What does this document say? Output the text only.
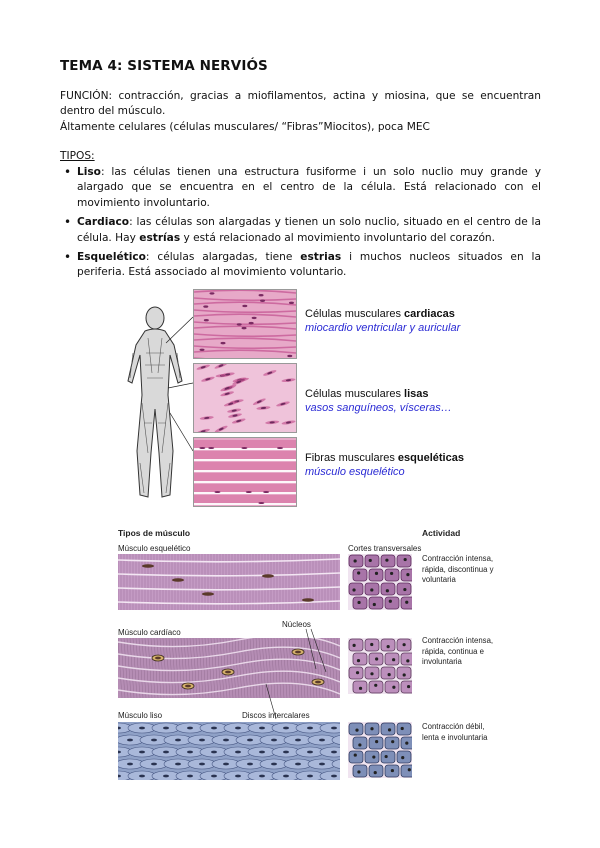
TEMA 4: SISTEMA NERVIÓS
FUNCIÓN: contracción, gracias a miofilamentos, actina y miosina, que se encuentran dentro del músculo.
Áltamente celulares (células musculares/ “Fibras”Miocitos), poca MEC
TIPOS:
• Liso: las células tienen una estructura fusiforme i un solo nuclio muy grande y alargado que se encuentra en el centro de la célula. Está relacionado con el movimiento involuntario.
• Cardiaco: las células son alargadas y tienen un solo nuclio, situado en el centro de la célula. Hay estrías y está relacionado al movimiento involuntario del corazón.
• Esquelético: células alargadas, tiene estrias i muchos nucleos situados en la periferia. Está associado al movimiento voluntario.
Células musculares cardiacas
miocardio ventricular y auricular
Células musculares lisas
vasos sanguíneos, vísceras…
Fibras musculares esqueléticas
músculo esquelético
Tipos de músculo	Actividad
Músculo esquelético	Cortes transversales
Contracción intensa, rápida, discontinua y voluntaria
Núcleos
Músculo cardíaco
Contracción intensa, rápida, continua e involuntaria
Músculo liso	Discos intercalares
Contracción débil, lenta e involuntaria
